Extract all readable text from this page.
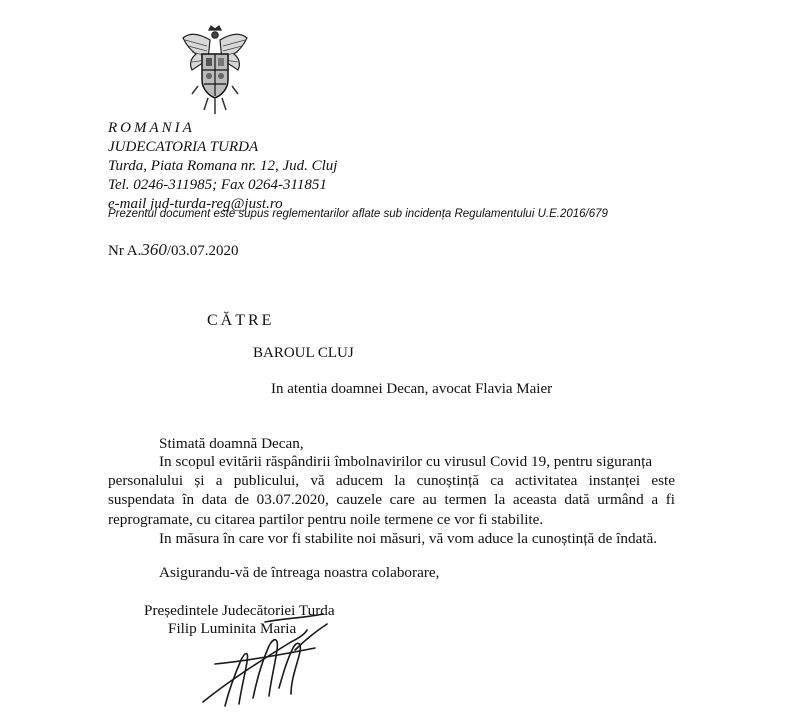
ROMANIA
JUDECATORIA TURDA
Turda, Piata Romana nr. 12, Jud. Cluj
Tel. 0246-311985; Fax 0264-311851
e-mail jud-turda-reg@just.ro
Prezentul document este supus reglementarilor aflate sub incidența Regulamentului U.E.2016/679
Nr A.360/03.07.2020
CĂTRE
BAROUL CLUJ
In atentia doamnei Decan, avocat Flavia Maier
Stimată doamnă Decan,
In scopul evitării răspândirii îmbolnavirilor cu virusul Covid 19, pentru siguranța
personalului și a publicului, vă aducem la cunoștință ca activitatea instanței este
suspendata în data de 03.07.2020, cauzele care au termen la aceasta dată urmând a fi
reprogramate, cu citarea partilor pentru noile termene ce vor fi stabilite.
In măsura în care vor fi stabilite noi măsuri, vă vom aduce la cunoștință de îndată.
Asigurandu-vă de întreaga noastra colaborare,
Președintele Judecătoriei Turda
Filip Luminita Maria
